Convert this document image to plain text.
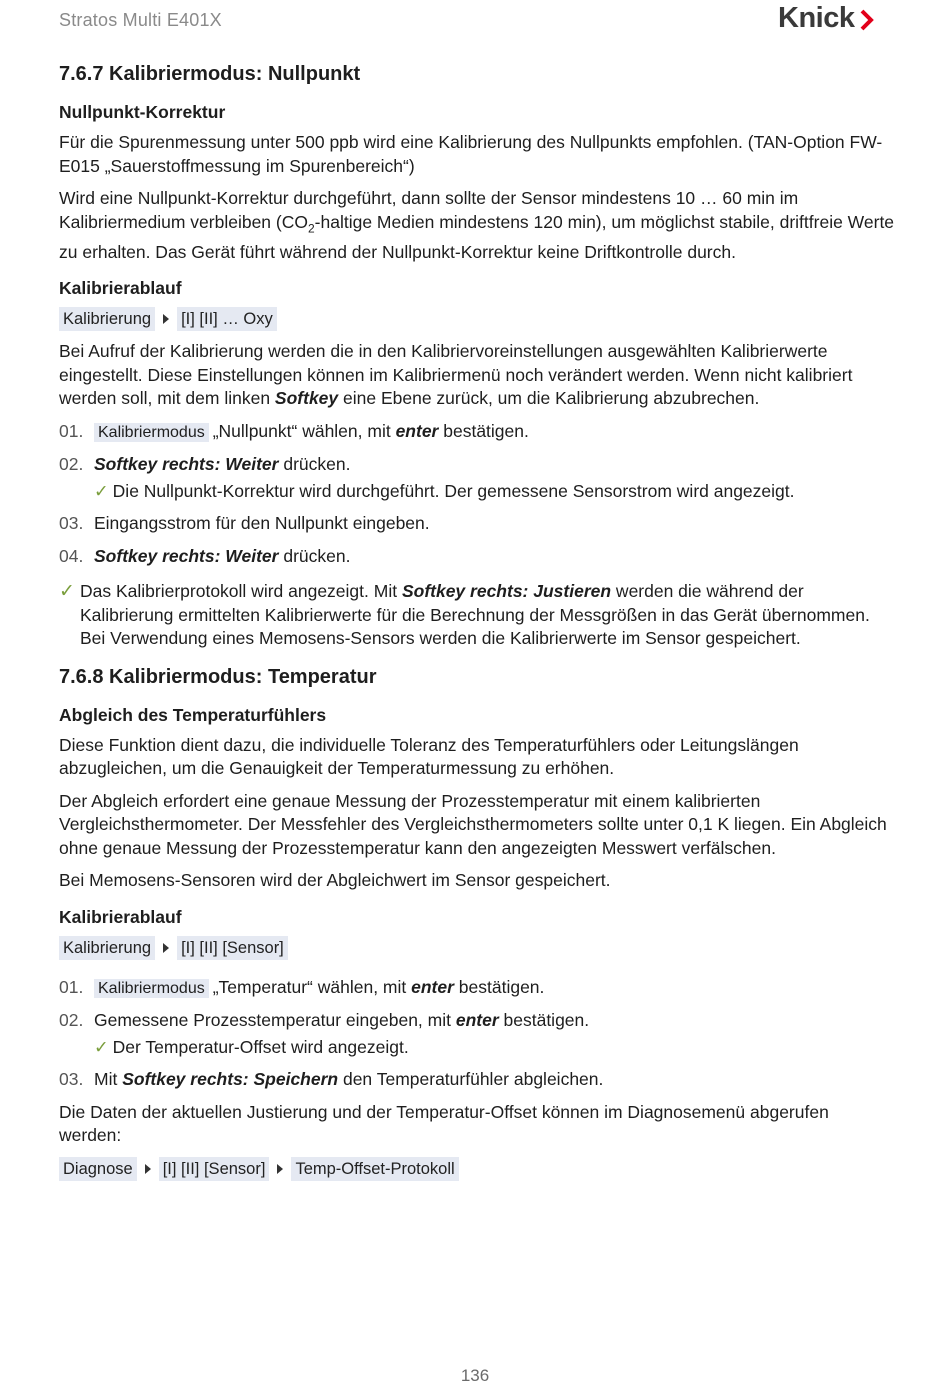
Stratos Multi E401X	Knick
7.6.7 Kalibriermodus: Nullpunkt
Nullpunkt-Korrektur

Für die Spurenmessung unter 500 ppb wird eine Kalibrierung des Nullpunkts empfohlen. (TAN-Option FW-E015 „Sauerstoffmessung im Spurenbereich“)

Wird eine Nullpunkt-Korrektur durchgeführt, dann sollte der Sensor mindestens 10 … 60 min im Kalibriermedium verbleiben ($CO_2$-haltige Medien mindestens 120 min), um möglichst stabile, driftfreie Werte zu erhalten. Das Gerät führt während der Nullpunkt-Korrektur keine Driftkontrolle durch.

Kalibrierablauf
Kalibrierung [I] [II] … Oxy

Bei Aufruf der Kalibrierung werden die in den Kalibriervoreinstellungen ausgewählten Kalibrierwerte eingestellt. Diese Einstellungen können im Kalibriermenü noch verändert werden. Wenn nicht kalibriert werden soll, mit dem linken Softkey eine Ebene zurück, um die Kalibrierung abzubrechen.

01. Kalibriermodus „Nullpunkt“ wählen, mit enter bestätigen.
02. Softkey rechts: Weiter drücken.
✓ Die Nullpunkt-Korrektur wird durchgeführt. Der gemessene Sensorstrom wird angezeigt.
03. Eingangsstrom für den Nullpunkt eingeben.
04. Softkey rechts: Weiter drücken.
✓ Das Kalibrierprotokoll wird angezeigt. Mit Softkey rechts: Justieren werden die während der Kalibrierung ermittelten Kalibrierwerte für die Berechnung der Messgrößen in das Gerät übernommen. Bei Verwendung eines Memosens-Sensors werden die Kalibrierwerte im Sensor gespeichert.
7.6.8 Kalibriermodus: Temperatur
Abgleich des Temperaturfühlers

Diese Funktion dient dazu, die individuelle Toleranz des Temperaturfühlers oder Leitungslängen abzugleichen, um die Genauigkeit der Temperaturmessung zu erhöhen.

Der Abgleich erfordert eine genaue Messung der Prozesstemperatur mit einem kalibrierten Vergleichsthermometer. Der Messfehler des Vergleichsthermometers sollte unter 0,1 K liegen. Ein Abgleich ohne genaue Messung der Prozesstemperatur kann den angezeigten Messwert verfälschen.

Bei Memosens-Sensoren wird der Abgleichwert im Sensor gespeichert.

Kalibrierablauf
Kalibrierung [I] [II] [Sensor]
01. Kalibriermodus „Temperatur“ wählen, mit enter bestätigen.
02. Gemessene Prozesstemperatur eingeben, mit enter bestätigen.
✓ Der Temperatur-Offset wird angezeigt.
03. Mit Softkey rechts: Speichern den Temperaturfühler abgleichen.

Die Daten der aktuellen Justierung und der Temperatur-Offset können im Diagnosemenü abgerufen werden:

Diagnose [I] [II] [Sensor] Temp-Offset-Protokoll
136
